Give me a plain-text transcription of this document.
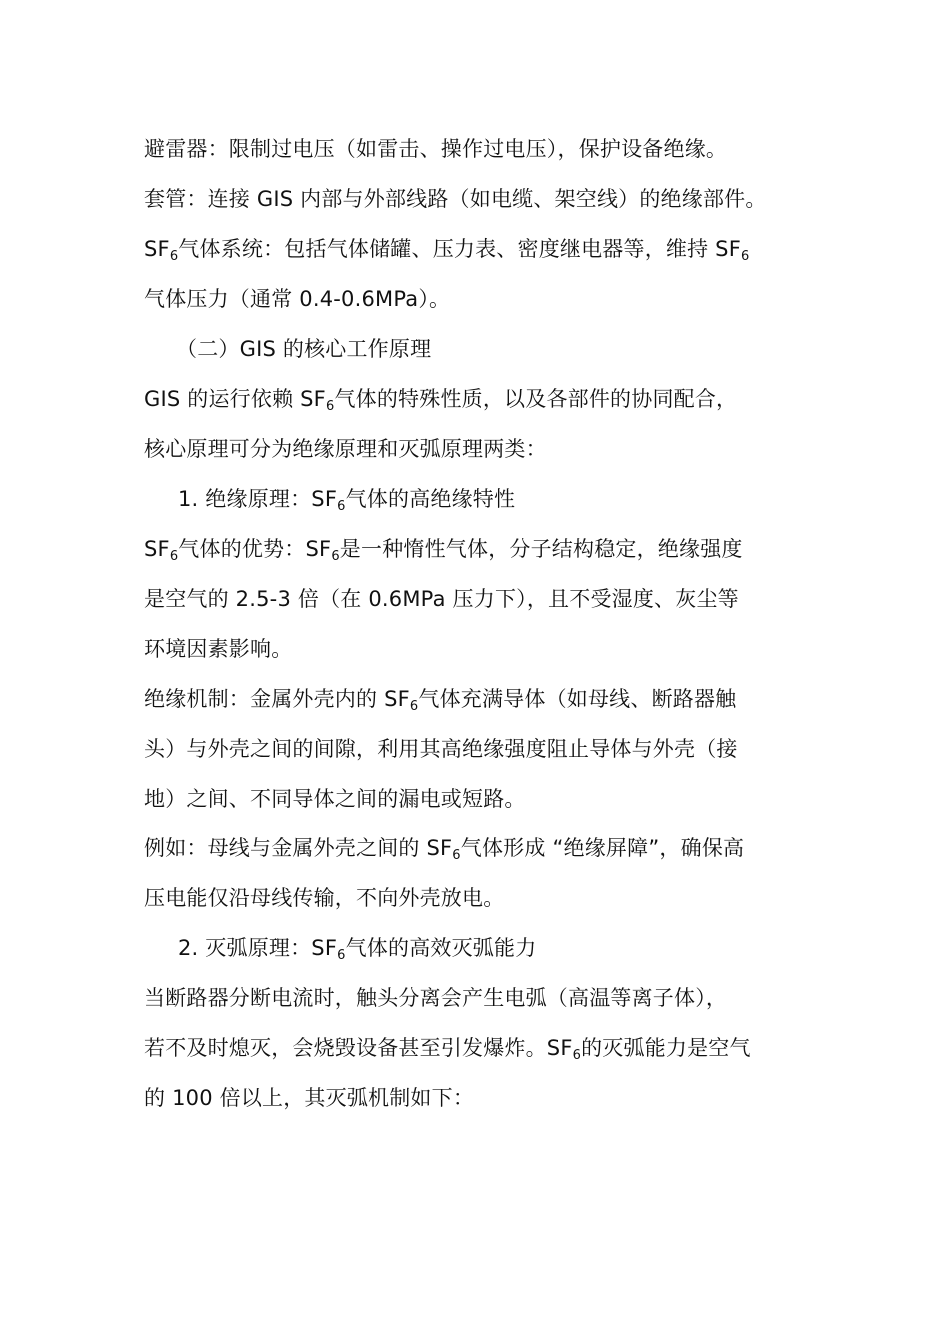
避雷器：限制过电压（如雷击、操作过电压），保护设备绝缘。
套管：连接 GIS 内部与外部线路（如电缆、架空线）的绝缘部件。
$SF_6$气体系统：包括气体储罐、压力表、密度继电器等，维持 $SF_6$
气体压力（通常 0.4-0.6MPa）。
（二）GIS 的核心工作原理
GIS 的运行依赖 $SF_6$气体的特殊性质，以及各部件的协同配合，
核心原理可分为绝缘原理和灭弧原理两类：
1. 绝缘原理：$SF_6$气体的高绝缘特性
$SF_6$气体的优势：$SF_6$是一种惰性气体，分子结构稳定，绝缘强度
是空气的 2.5-3 倍（在 0.6MPa 压力下），且不受湿度、灰尘等
环境因素影响。
绝缘机制：金属外壳内的 $SF_6$气体充满导体（如母线、断路器触
头）与外壳之间的间隙，利用其高绝缘强度阻止导体与外壳（接
地）之间、不同导体之间的漏电或短路。
例如：母线与金属外壳之间的 $SF_6$气体形成 “绝缘屏障”，确保高
压电能仅沿母线传输，不向外壳放电。
2. 灭弧原理：$SF_6$气体的高效灭弧能力
当断路器分断电流时，触头分离会产生电弧（高温等离子体），
若不及时熄灭，会烧毁设备甚至引发爆炸。$SF_6$的灭弧能力是空气
的 100 倍以上，其灭弧机制如下：
